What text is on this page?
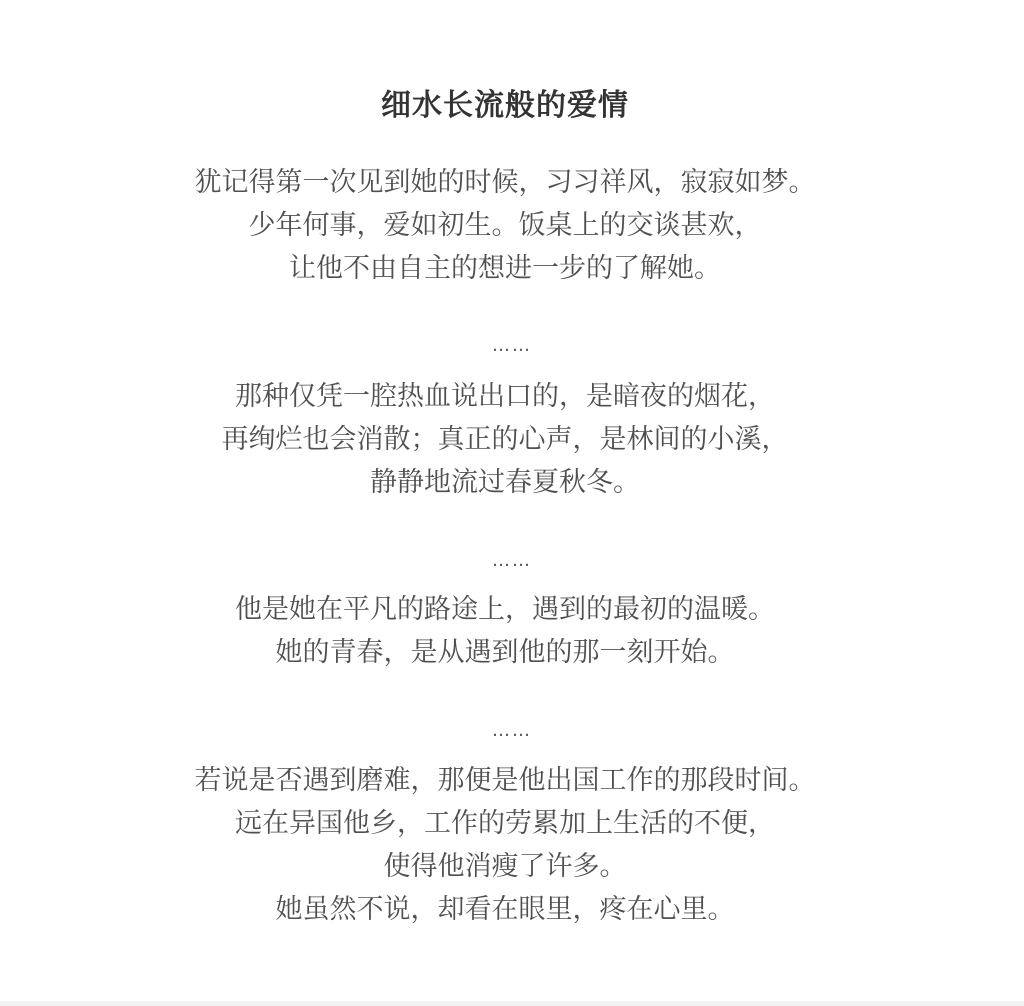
细水长流般的爱情
犹记得第一次见到她的时候，习习祥风，寂寂如梦。
少年何事，爱如初生。饭桌上的交谈甚欢，
让他不由自主的想进一步的了解她。
……
那种仅凭一腔热血说出口的，是暗夜的烟花，
再绚烂也会消散；真正的心声，是林间的小溪，
静静地流过春夏秋冬。
……
他是她在平凡的路途上，遇到的最初的温暖。
她的青春，是从遇到他的那一刻开始。
……
若说是否遇到磨难，那便是他出国工作的那段时间。
远在异国他乡，工作的劳累加上生活的不便，
使得他消瘦了许多。
她虽然不说，却看在眼里，疼在心里。
